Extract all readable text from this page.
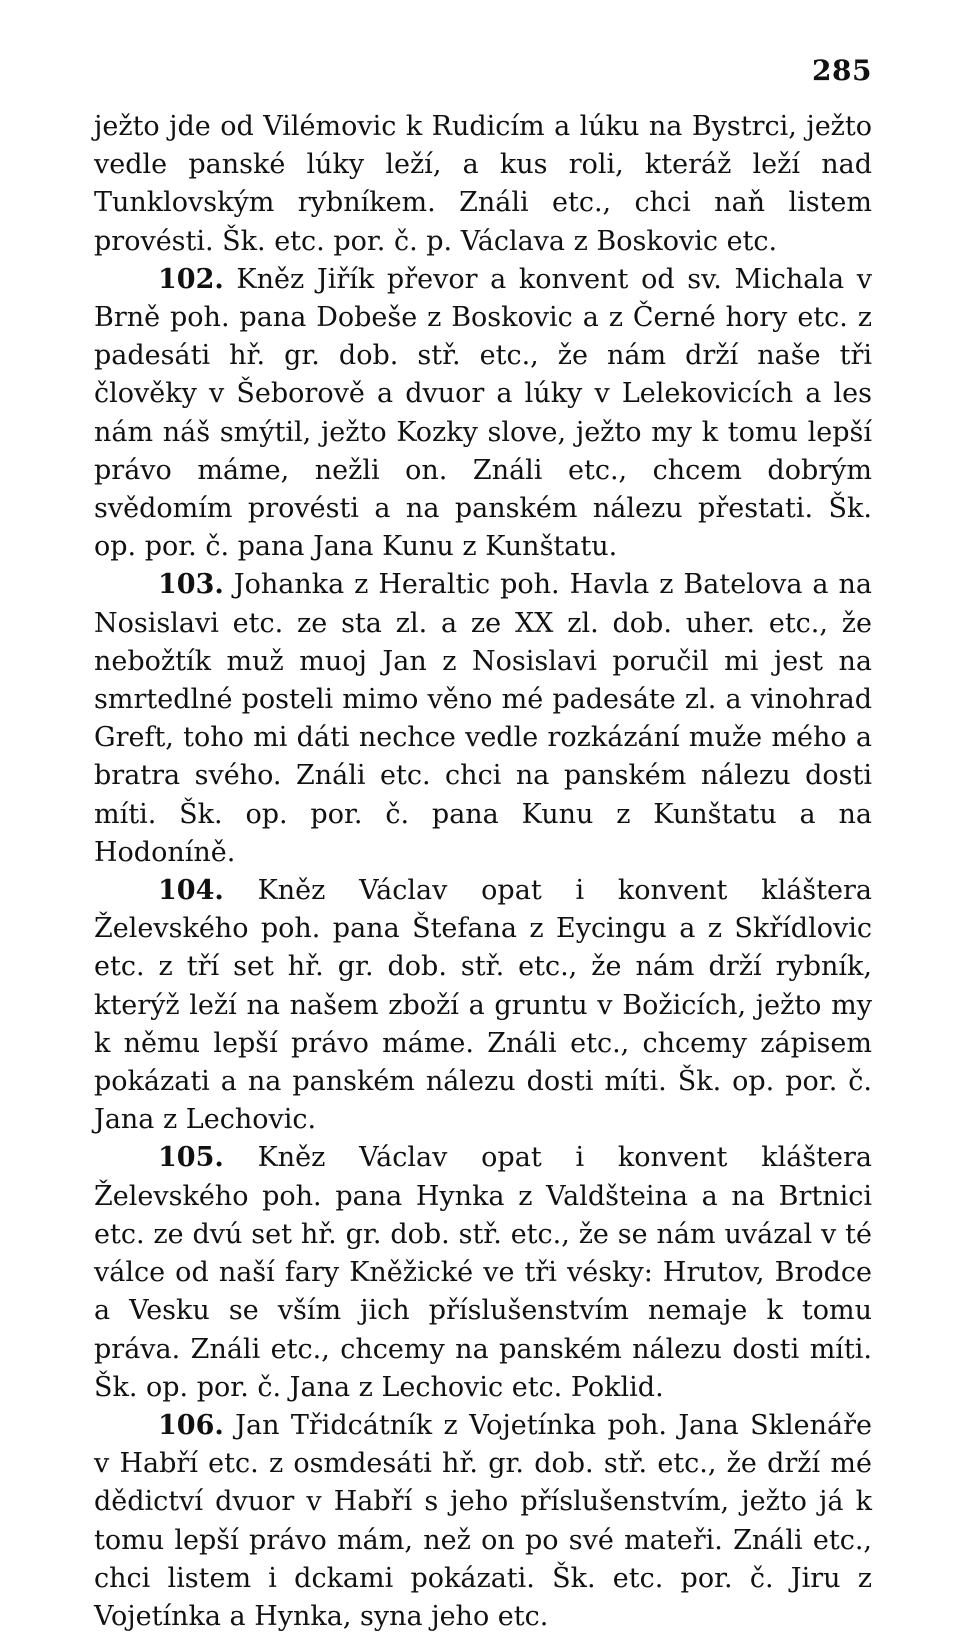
285

ježto jde od Vilémovic k Rudicím a lúku na Bystrci, ježto vedle panské lúky leží, a kus roli, kteráž leží nad Tunklovským rybníkem. Ználi etc., chci naň listem provésti. Šk. etc. por. č. p. Václava z Boskovic etc.

102. Kněz Jiřík převor a konvent od sv. Michala v Brně poh. pana Dobeše z Boskovic a z Černé hory etc. z padesáti hř. gr. dob. stř. etc., že nám drží naše tři člověky v Šeborově a dvuor a lúky v Lelekovicích a les nám náš smýtil, ježto Kozky slove, ježto my k tomu lepší právo máme, nežli on. Ználi etc., chcem dobrým svědomím provésti a na panském nálezu přestati. Šk. op. por. č. pana Jana Kunu z Kunštatu.

103. Johanka z Heraltic poh. Havla z Batelova a na Nosislavi etc. ze sta zl. a ze XX zl. dob. uher. etc., že nebožtík muž muoj Jan z Nosislavi poručil mi jest na smrtedlné posteli mimo věno mé padesáte zl. a vinohrad Greft, toho mi dáti nechce vedle rozkázání muže mého a bratra svého. Ználi etc. chci na panském nálezu dosti míti. Šk. op. por. č. pana Kunu z Kunštatu a na Hodoníně.

104. Kněz Václav opat i konvent kláštera Želevského poh. pana Štefana z Eycingu a z Skřídlovic etc. z tří set hř. gr. dob. stř. etc., že nám drží rybník, kterýž leží na našem zboží a gruntu v Božicích, ježto my k němu lepší právo máme. Ználi etc., chcemy zápisem pokázati a na panském nálezu dosti míti. Šk. op. por. č. Jana z Lechovic.

105. Kněz Václav opat i konvent kláštera Želevského poh. pana Hynka z Valdšteina a na Brtnici etc. ze dvú set hř. gr. dob. stř. etc., že se nám uvázal v té válce od naší fary Kněžické ve tři vésky: Hrutov, Brodce a Vesku se vším jich příslušenstvím nemaje k tomu práva. Ználi etc., chcemy na panském nálezu dosti míti. Šk. op. por. č. Jana z Lechovic etc. Poklid.

106. Jan Třidcátník z Vojetínka poh. Jana Sklenáře v Habří etc. z osmdesáti hř. gr. dob. stř. etc., že drží mé dědictví dvuor v Habří s jeho příslušenstvím, ježto já k tomu lepší právo mám, než on po své mateři. Ználi etc., chci listem i dckami pokázati. Šk. etc. por. č. Jiru z Vojetínka a Hynka, syna jeho etc.
